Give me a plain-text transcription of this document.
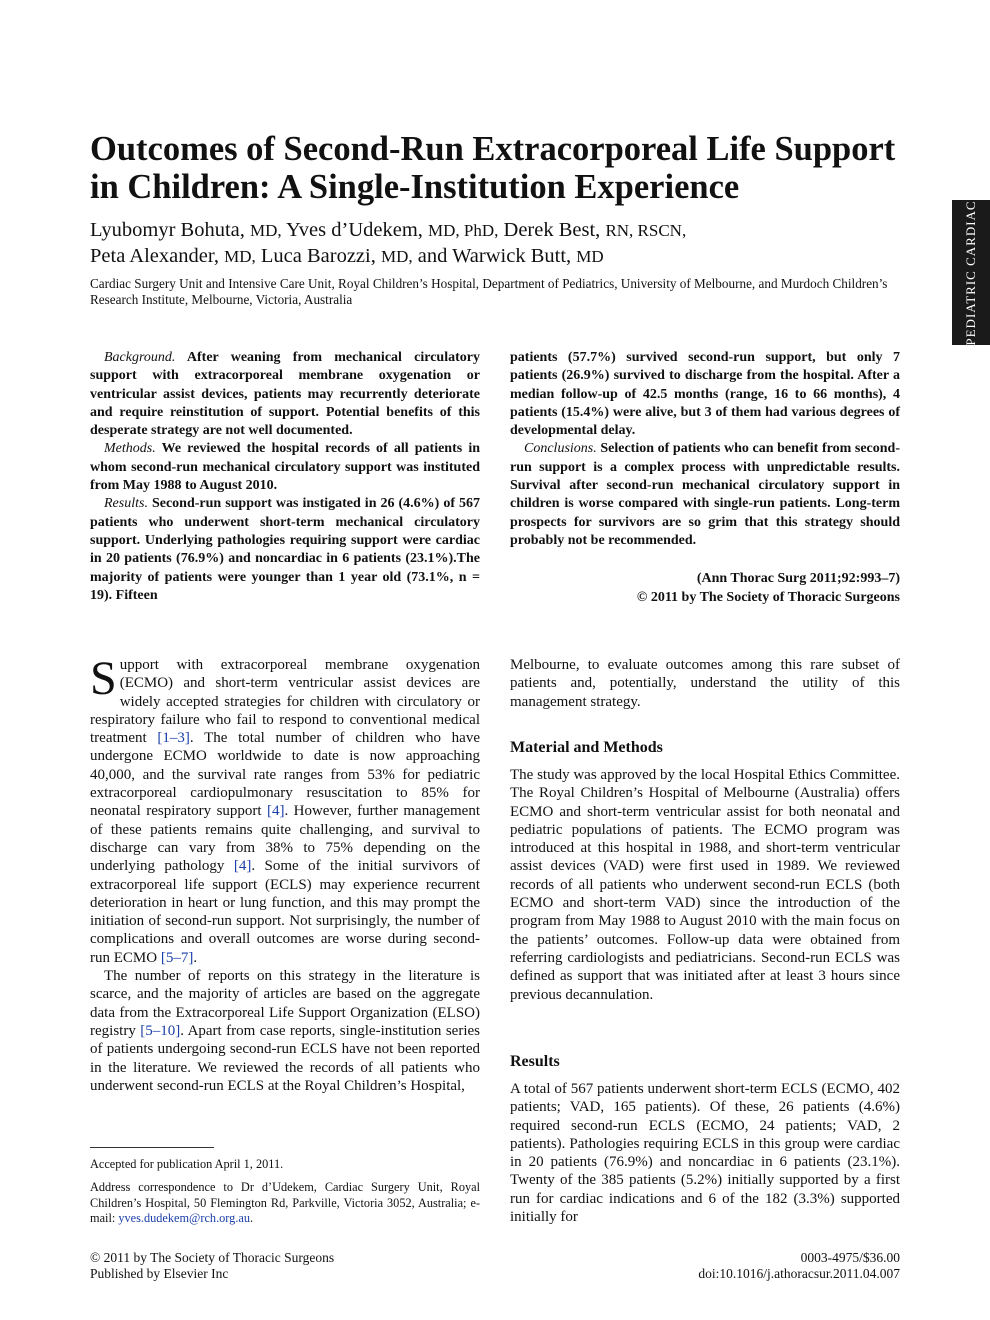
PEDIATRIC CARDIAC
Outcomes of Second-Run Extracorporeal Life Support in Children: A Single-Institution Experience
Lyubomyr Bohuta, MD, Yves d’Udekem, MD, PhD, Derek Best, RN, RSCN,
Peta Alexander, MD, Luca Barozzi, MD, and Warwick Butt, MD
Cardiac Surgery Unit and Intensive Care Unit, Royal Children’s Hospital, Department of Pediatrics, University of Melbourne, and Murdoch Children’s Research Institute, Melbourne, Victoria, Australia

Background. After weaning from mechanical circulatory support with extracorporeal membrane oxygenation or ventricular assist devices, patients may recurrently deteriorate and require reinstitution of support. Potential benefits of this desperate strategy are not well documented.

Methods. We reviewed the hospital records of all patients in whom second-run mechanical circulatory support was instituted from May 1988 to August 2010.

Results. Second-run support was instigated in 26 (4.6%) of 567 patients who underwent short-term mechanical circulatory support. Underlying pathologies requiring support were cardiac in 20 patients (76.9%) and noncardiac in 6 patients (23.1%).The majority of patients were younger than 1 year old (73.1%, n = 19). Fifteen

patients (57.7%) survived second-run support, but only 7 patients (26.9%) survived to discharge from the hospital. After a median follow-up of 42.5 months (range, 16 to 66 months), 4 patients (15.4%) were alive, but 3 of them had various degrees of developmental delay.

Conclusions. Selection of patients who can benefit from second-run support is a complex process with unpredictable results. Survival after second-run mechanical circulatory support in children is worse compared with single-run patients. Long-term prospects for survivors are so grim that this strategy should probably not be recommended.

(Ann Thorac Surg 2011;92:993–7)
© 2011 by The Society of Thoracic Surgeons

Support with extracorporeal membrane oxygenation (ECMO) and short-term ventricular assist devices are widely accepted strategies for children with circulatory or respiratory failure who fail to respond to conventional medical treatment [1–3]. The total number of children who have undergone ECMO worldwide to date is now approaching 40,000, and the survival rate ranges from 53% for pediatric extracorporeal cardiopulmonary resuscitation to 85% for neonatal respiratory support [4]. However, further management of these patients remains quite challenging, and survival to discharge can vary from 38% to 75% depending on the underlying pathology [4]. Some of the initial survivors of extracorporeal life support (ECLS) may experience recurrent deterioration in heart or lung function, and this may prompt the initiation of second-run support. Not surprisingly, the number of complications and overall outcomes are worse during second-run ECMO [5–7].

The number of reports on this strategy in the literature is scarce, and the majority of articles are based on the aggregate data from the Extracorporeal Life Support Organization (ELSO) registry [5–10]. Apart from case reports, single-institution series of patients undergoing second-run ECLS have not been reported in the literature. We reviewed the records of all patients who underwent second-run ECLS at the Royal Children’s Hospital,

Melbourne, to evaluate outcomes among this rare subset of patients and, potentially, understand the utility of this management strategy.

Material and Methods

The study was approved by the local Hospital Ethics Committee. The Royal Children’s Hospital of Melbourne (Australia) offers ECMO and short-term ventricular assist for both neonatal and pediatric populations of patients. The ECMO program was introduced at this hospital in 1988, and short-term ventricular assist devices (VAD) were first used in 1989. We reviewed records of all patients who underwent second-run ECLS (both ECMO and short-term VAD) since the introduction of the program from May 1988 to August 2010 with the main focus on the patients’ outcomes. Follow-up data were obtained from referring cardiologists and pediatricians. Second-run ECLS was defined as support that was initiated after at least 3 hours since previous decannulation.

Results

A total of 567 patients underwent short-term ECLS (ECMO, 402 patients; VAD, 165 patients). Of these, 26 patients (4.6%) required second-run ECLS (ECMO, 24 patients; VAD, 2 patients). Pathologies requiring ECLS in this group were cardiac in 20 patients (76.9%) and noncardiac in 6 patients (23.1%). Twenty of the 385 patients (5.2%) initially supported by a first run for cardiac indications and 6 of the 182 (3.3%) supported initially for

Accepted for publication April 1, 2011.

Address correspondence to Dr d’Udekem, Cardiac Surgery Unit, Royal Children’s Hospital, 50 Flemington Rd, Parkville, Victoria 3052, Australia; e-mail: yves.dudekem@rch.org.au.

© 2011 by The Society of Thoracic Surgeons
Published by Elsevier Inc
0003-4975/$36.00
doi:10.1016/j.athoracsur.2011.04.007
